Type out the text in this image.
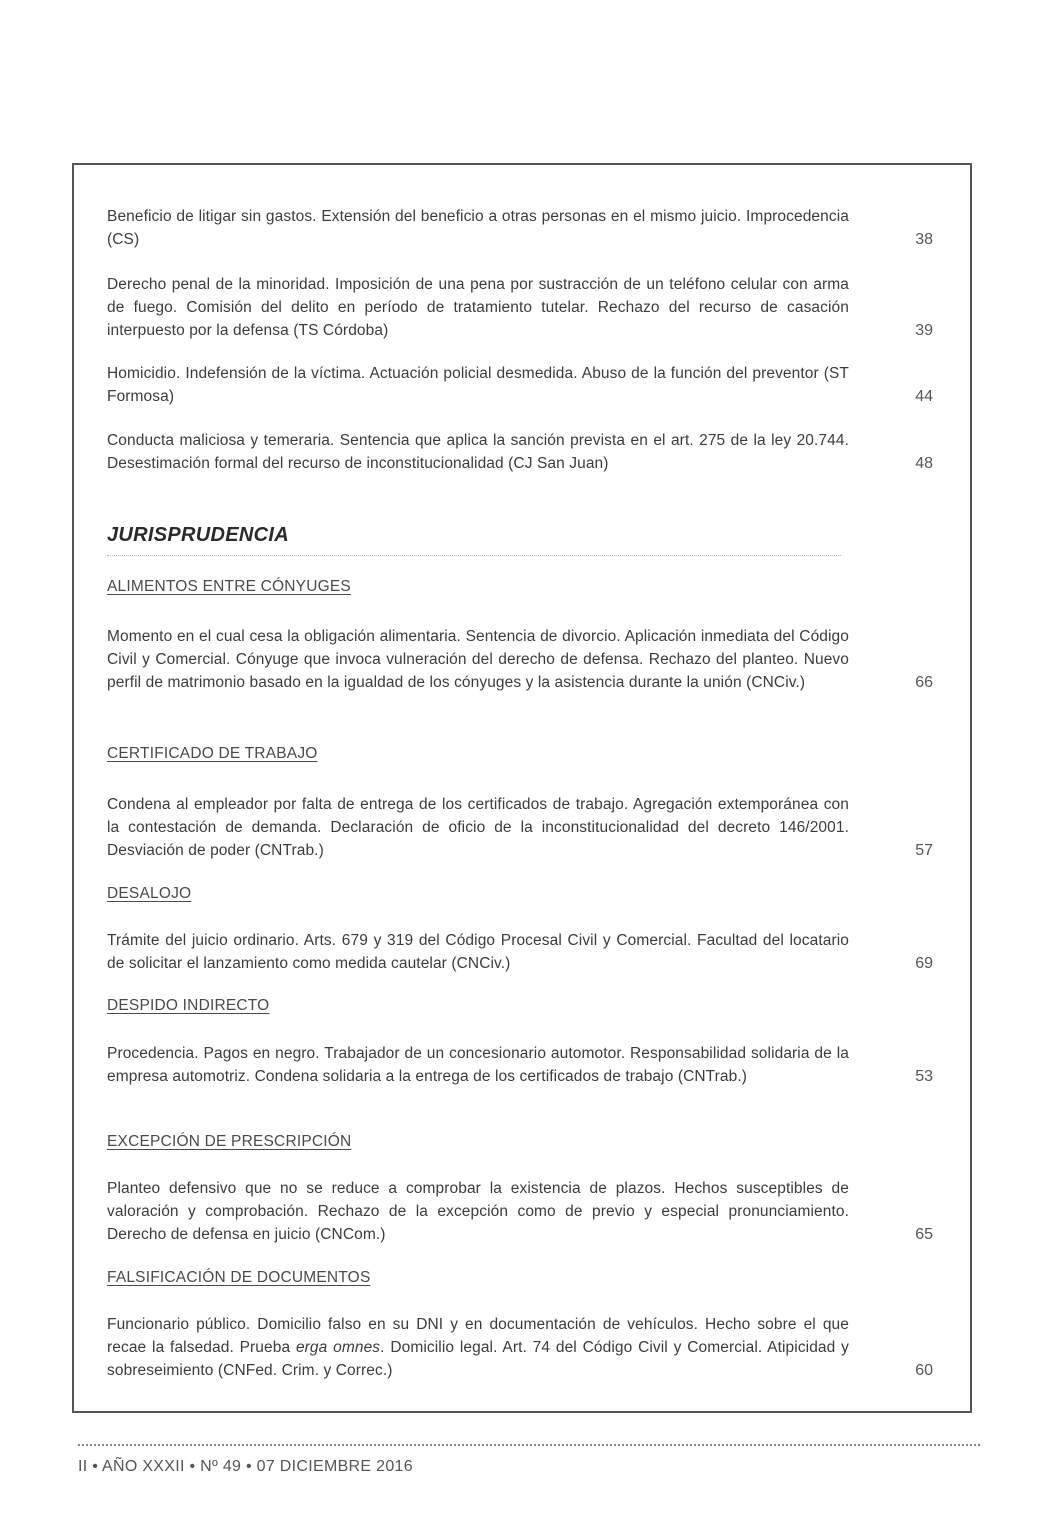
Beneficio de litigar sin gastos. Extensión del beneficio a otras personas en el mismo juicio. Improcedencia (CS)	38
Derecho penal de la minoridad. Imposición de una pena por sustracción de un teléfono celular con arma de fuego. Comisión del delito en período de tratamiento tutelar. Rechazo del recurso de casación interpuesto por la defensa (TS Córdoba)	39
Homicidio. Indefensión de la víctima. Actuación policial desmedida. Abuso de la función del preventor (ST Formosa)	44
Conducta maliciosa y temeraria. Sentencia que aplica la sanción prevista en el art. 275 de la ley 20.744. Desestimación formal del recurso de inconstitucionalidad (CJ San Juan)	48
JURISPRUDENCIA
ALIMENTOS ENTRE CÓNYUGES
Momento en el cual cesa la obligación alimentaria. Sentencia de divorcio. Aplicación inmediata del Código Civil y Comercial. Cónyuge que invoca vulneración del derecho de defensa. Rechazo del planteo. Nuevo perfil de matrimonio basado en la igualdad de los cónyuges y la asistencia durante la unión (CNCiv.)	66
CERTIFICADO DE TRABAJO
Condena al empleador por falta de entrega de los certificados de trabajo. Agregación extemporánea con la contestación de demanda. Declaración de oficio de la inconstitucionalidad del decreto 146/2001. Desviación de poder (CNTrab.)	57
DESALOJO
Trámite del juicio ordinario. Arts. 679 y 319 del Código Procesal Civil y Comercial. Facultad del locatario de solicitar el lanzamiento como medida cautelar (CNCiv.)	69
DESPIDO INDIRECTO
Procedencia. Pagos en negro. Trabajador de un concesionario automotor. Responsabilidad solidaria de la empresa automotriz. Condena solidaria a la entrega de los certificados de trabajo (CNTrab.)	53
EXCEPCIÓN DE PRESCRIPCIÓN
Planteo defensivo que no se reduce a comprobar la existencia de plazos. Hechos susceptibles de valoración y comprobación. Rechazo de la excepción como de previo y especial pronunciamiento. Derecho de defensa en juicio (CNCom.)	65
FALSIFICACIÓN DE DOCUMENTOS
Funcionario público. Domicilio falso en su DNI y en documentación de vehículos. Hecho sobre el que recae la falsedad. Prueba erga omnes. Domicilio legal. Art. 74 del Código Civil y Comercial. Atipicidad y sobreseimiento (CNFed. Crim. y Correc.)	60
II • AÑO XXXII • Nº 49 • 07 DICIEMBRE 2016
